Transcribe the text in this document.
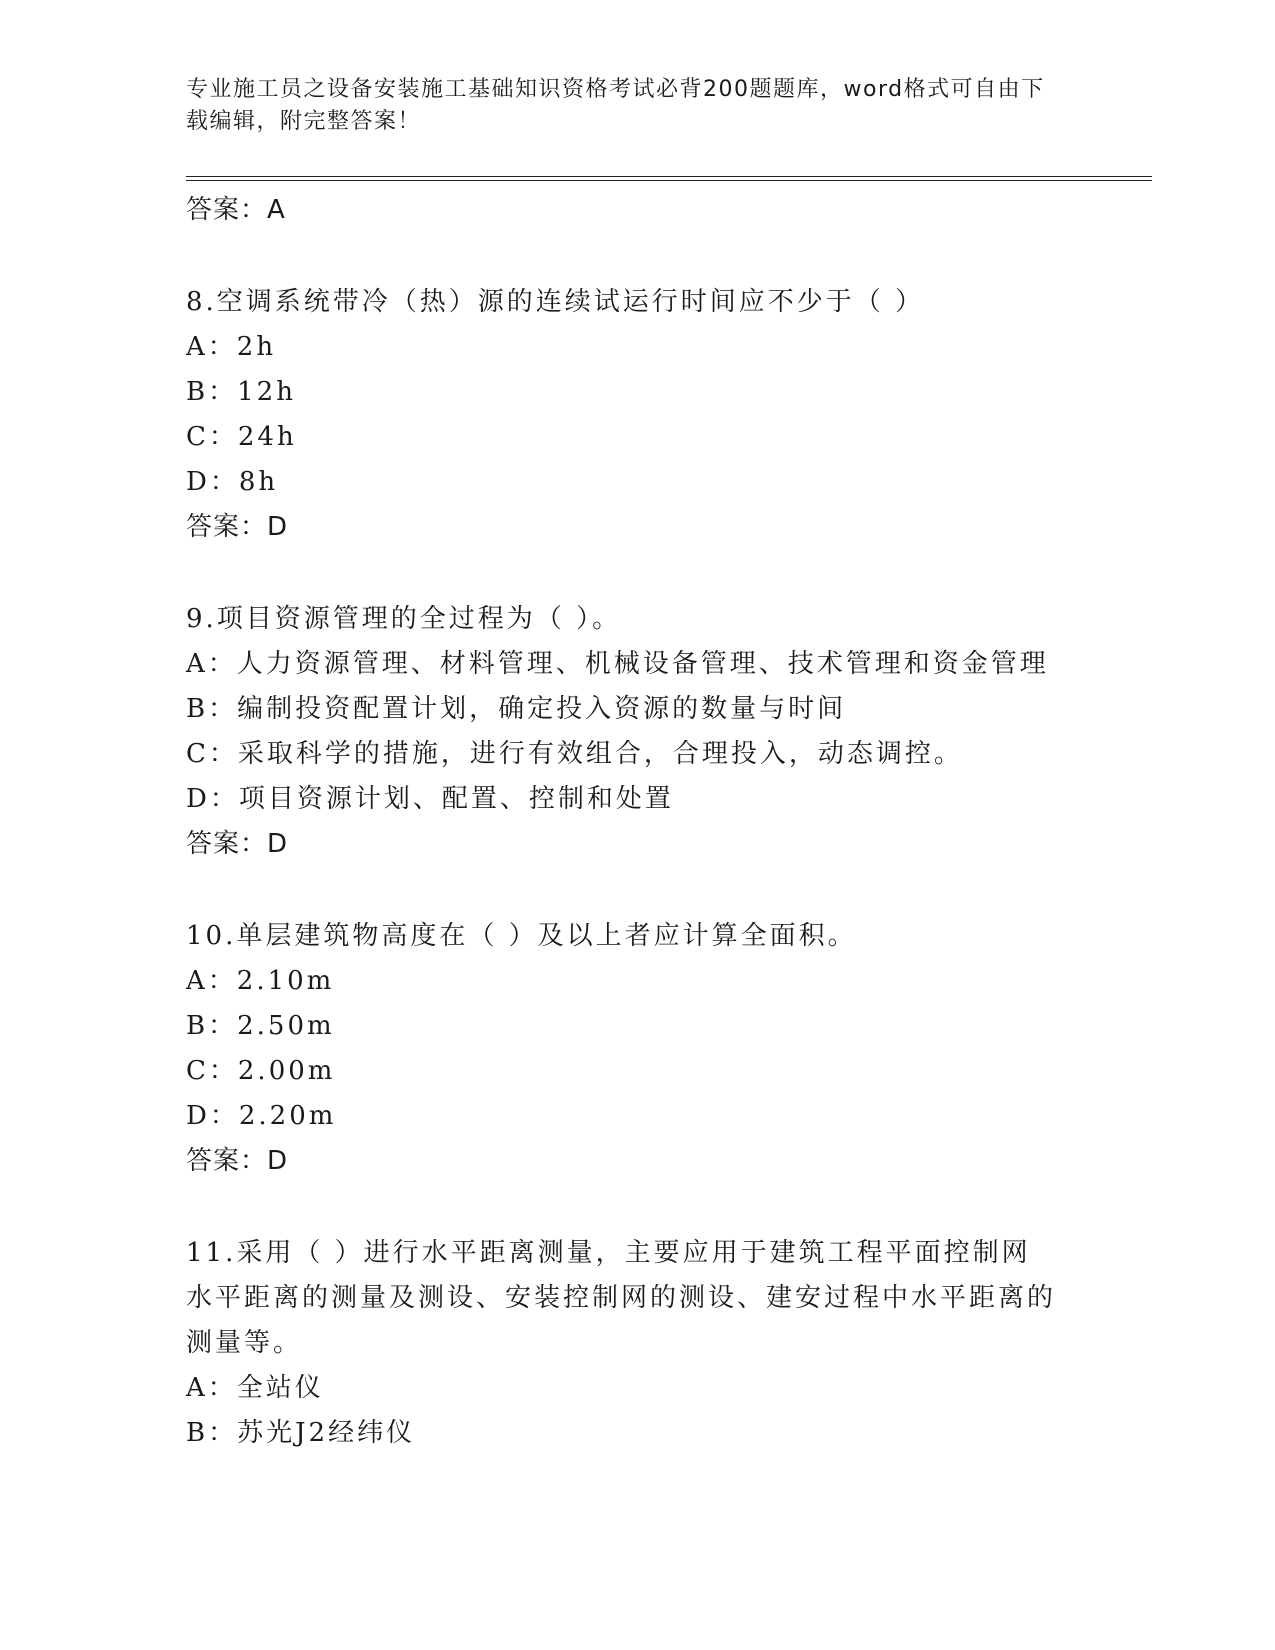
专业施工员之设备安装施工基础知识资格考试必背200题题库，word格式可自由下载编辑，附完整答案！
答案：A
8.空调系统带冷（热）源的连续试运行时间应不少于（ ）
A：2h
B：12h
C：24h
D：8h
答案：D
9.项目资源管理的全过程为（ ）。
A：人力资源管理、材料管理、机械设备管理、技术管理和资金管理
B：编制投资配置计划，确定投入资源的数量与时间
C：采取科学的措施，进行有效组合，合理投入，动态调控。
D：项目资源计划、配置、控制和处置
答案：D
10.单层建筑物高度在（ ）及以上者应计算全面积。
A：2.10m
B：2.50m
C：2.00m
D：2.20m
答案：D
11.采用（ ）进行水平距离测量，主要应用于建筑工程平面控制网水平距离的测量及测设、安装控制网的测设、建安过程中水平距离的测量等。
A：全站仪
B：苏光J2经纬仪
